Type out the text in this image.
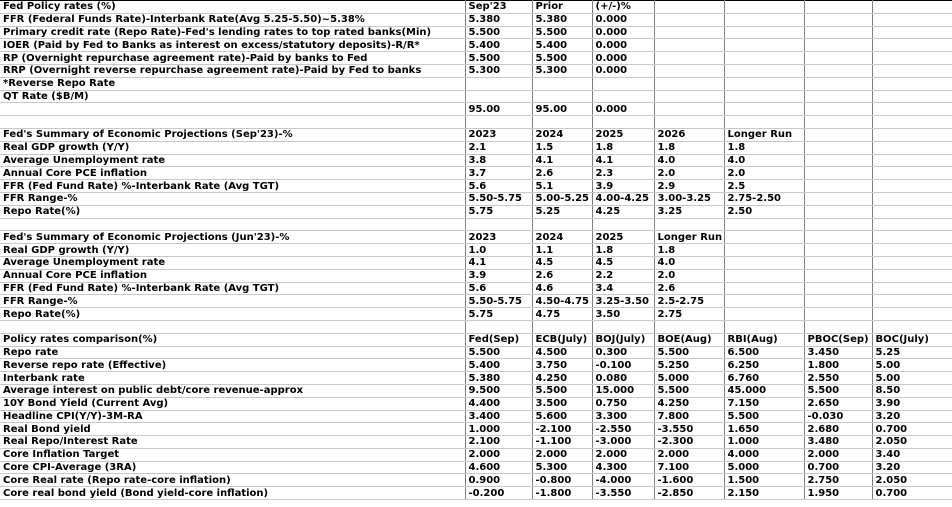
Fed Policy rates (%)	Sep'23	Prior	(+/-)%				
FFR (Federal Funds Rate)-Interbank Rate(Avg 5.25-5.50)~5.38%	5.380	5.380	0.000				
Primary credit rate (Repo Rate)-Fed's lending rates to top rated banks(Min)	5.500	5.500	0.000				
IOER (Paid by Fed to Banks as interest on excess/statutory deposits)-R/R*	5.400	5.400	0.000				
RP (Overnight repurchase agreement rate)-Paid by banks to Fed	5.500	5.500	0.000				
RRP (Overnight reverse repurchase agreement rate)-Paid by Fed to banks	5.300	5.300	0.000				
*Reverse Repo Rate							
QT Rate ($B/M)							
	95.00	95.00	0.000				

Fed's Summary of Economic Projections (Sep'23)-%	2023	2024	2025	2026	Longer Run		
Real GDP growth (Y/Y)	2.1	1.5	1.8	1.8	1.8		
Average Unemployment rate	3.8	4.1	4.1	4.0	4.0		
Annual Core PCE inflation	3.7	2.6	2.3	2.0	2.0		
FFR (Fed Fund Rate) %-Interbank Rate (Avg TGT)	5.6	5.1	3.9	2.9	2.5		
FFR Range-%	5.50-5.75	5.00-5.25	4.00-4.25	3.00-3.25	2.75-2.50		
Repo Rate(%)	5.75	5.25	4.25	3.25	2.50		

Fed's Summary of Economic Projections (Jun'23)-%	2023	2024	2025	Longer Run			
Real GDP growth (Y/Y)	1.0	1.1	1.8	1.8			
Average Unemployment rate	4.1	4.5	4.5	4.0			
Annual Core PCE inflation	3.9	2.6	2.2	2.0			
FFR (Fed Fund Rate) %-Interbank Rate (Avg TGT)	5.6	4.6	3.4	2.6			
FFR Range-%	5.50-5.75	4.50-4.75	3.25-3.50	2.5-2.75			
Repo Rate(%)	5.75	4.75	3.50	2.75			

Policy rates comparison(%)	Fed(Sep)	ECB(July)	BOJ(July)	BOE(Aug)	RBI(Aug)	PBOC(Sep)	BOC(July)
Repo rate	5.500	4.500	0.300	5.500	6.500	3.450	5.25
Reverse repo rate (Effective)	5.400	3.750	-0.100	5.250	6.250	1.800	5.00
Interbank rate	5.380	4.250	0.080	5.000	6.760	2.550	5.00
Average interest on public debt/core revenue-approx	9.500	5.500	15.000	5.500	45.000	5.500	8.50
10Y Bond Yield (Current Avg)	4.400	3.500	0.750	4.250	7.150	2.650	3.90
Headline CPI(Y/Y)-3M-RA	3.400	5.600	3.300	7.800	5.500	-0.030	3.20
Real Bond yield	1.000	-2.100	-2.550	-3.550	1.650	2.680	0.700
Real Repo/Interest Rate	2.100	-1.100	-3.000	-2.300	1.000	3.480	2.050
Core Inflation Target	2.000	2.000	2.000	2.000	4.000	2.000	3.40
Core CPI-Average (3RA)	4.600	5.300	4.300	7.100	5.000	0.700	3.20
Core Real rate (Repo rate-core inflation)	0.900	-0.800	-4.000	-1.600	1.500	2.750	2.050
Core real bond yield (Bond yield-core inflation)	-0.200	-1.800	-3.550	-2.850	2.150	1.950	0.700
